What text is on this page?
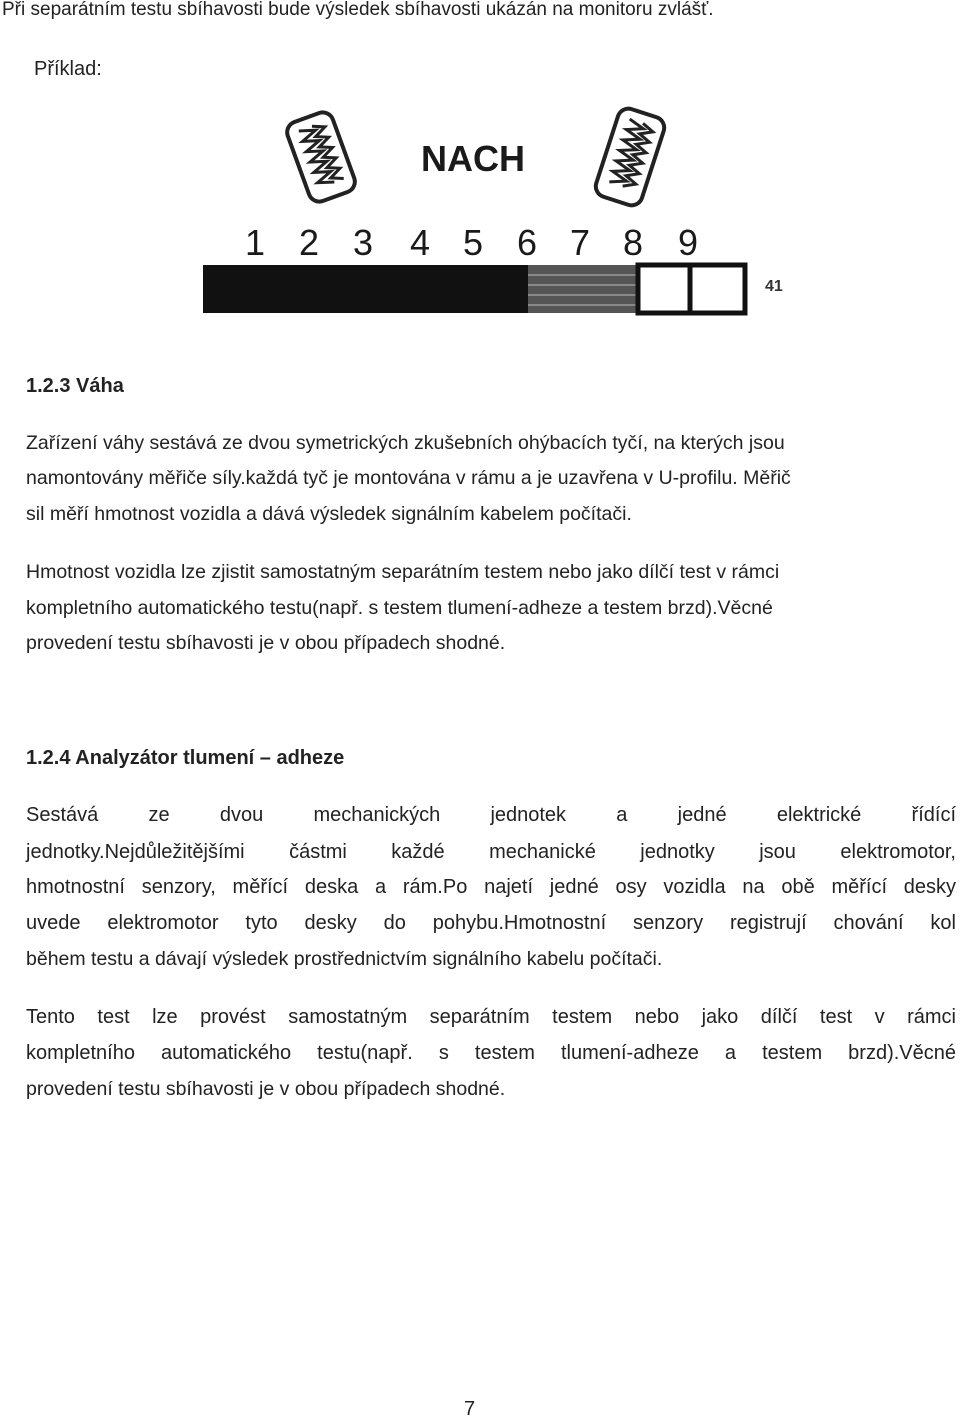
Při separátním testu sbíhavosti bude výsledek sbíhavosti ukázán na monitoru zvlášť.
Příklad:
NACH
1 2 3 4 5 6 7 8 9
41
1.2.3 Váha
Zařízení váhy sestává ze dvou symetrických zkušebních ohýbacích tyčí, na kterých jsou
namontovány měřiče síly.každá tyč je montována v rámu a je uzavřena v U-profilu. Měřič
sil měří hmotnost vozidla a dává výsledek signálním kabelem počítači.
Hmotnost vozidla lze zjistit samostatným separátním testem nebo jako dílčí test v rámci
kompletního automatického testu(např. s testem tlumení-adheze a testem brzd).Věcné
provedení testu sbíhavosti je v obou případech shodné.
1.2.4 Analyzátor tlumení – adheze
Sestává ze dvou mechanických jednotek a jedné elektrické řídící
jednotky.Nejdůležitějšími částmi každé mechanické jednotky jsou elektromotor,
hmotnostní senzory, měřící deska a rám.Po najetí jedné osy vozidla na obě měřící desky
uvede elektromotor tyto desky do pohybu.Hmotnostní senzory registrují chování kol
během testu a dávají výsledek prostřednictvím signálního kabelu počítači.
Tento test lze provést samostatným separátním testem nebo jako dílčí test v rámci
kompletního automatického testu(např. s testem tlumení-adheze a testem brzd).Věcné
provedení testu sbíhavosti je v obou případech shodné.
7
